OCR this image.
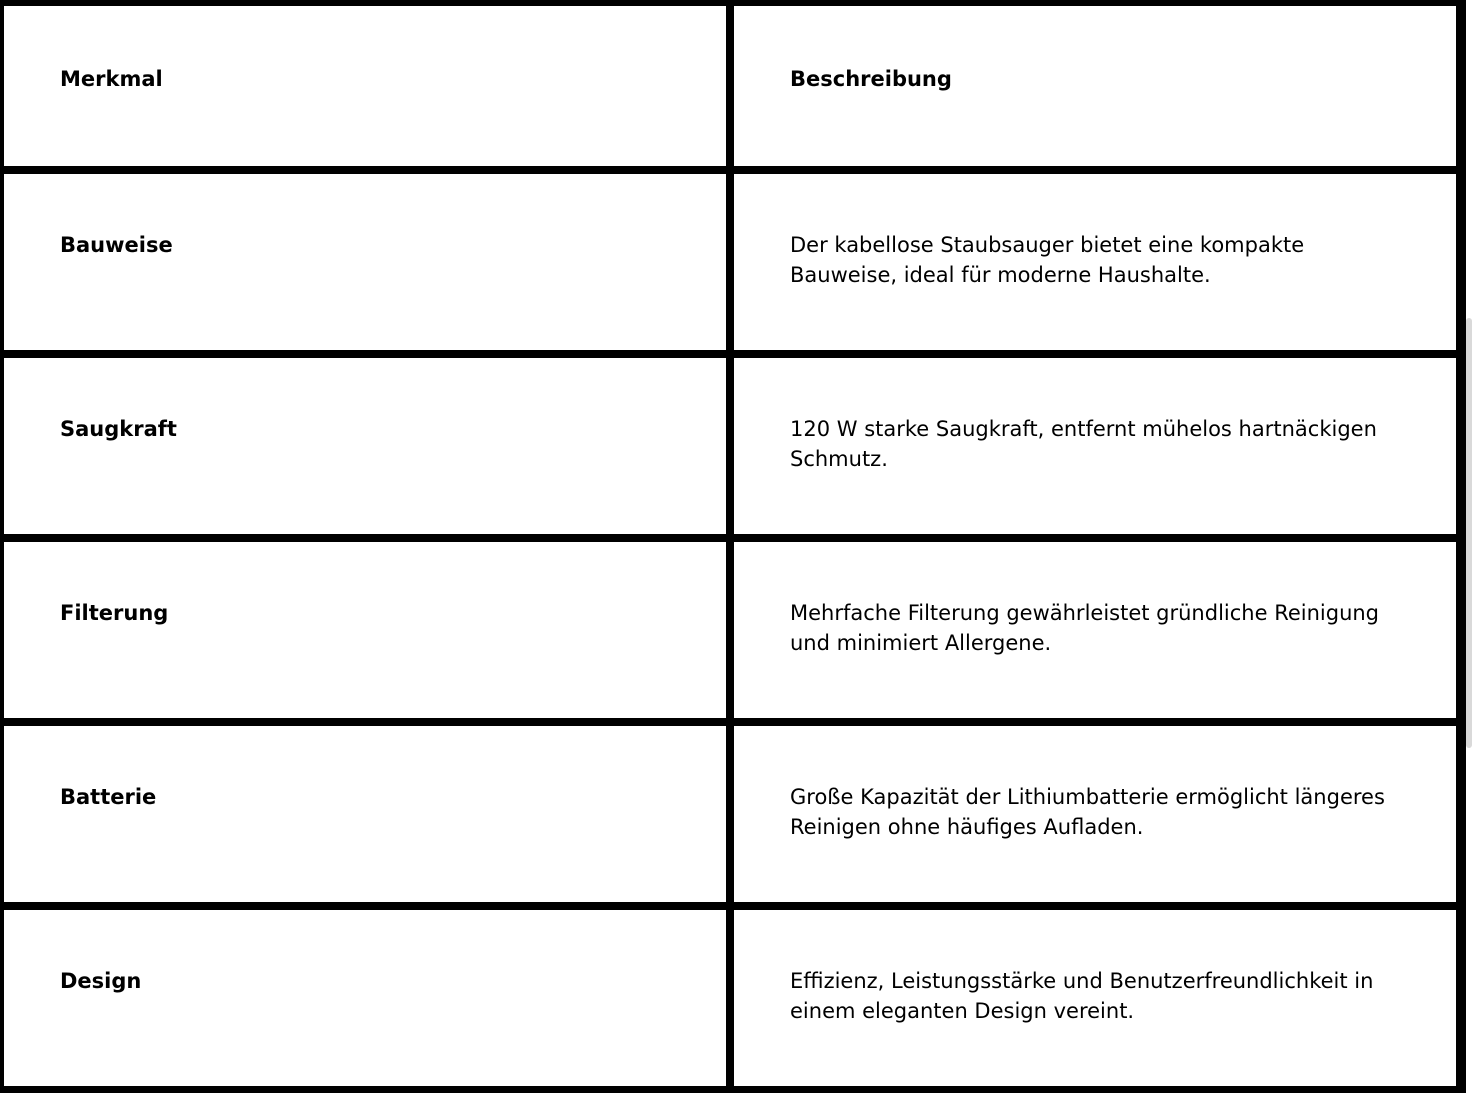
Merkmal	Beschreibung
Bauweise	Der kabellose Staubsauger bietet eine kompakte Bauweise, ideal für moderne Haushalte.
Saugkraft	120 W starke Saugkraft, entfernt mühelos hartnäckigen Schmutz.
Filterung	Mehrfache Filterung gewährleistet gründliche Reinigung und minimiert Allergene.
Batterie	Große Kapazität der Lithiumbatterie ermöglicht längeres Reinigen ohne häufiges Aufladen.
Design	Effizienz, Leistungsstärke und Benutzerfreundlichkeit in einem eleganten Design vereint.
